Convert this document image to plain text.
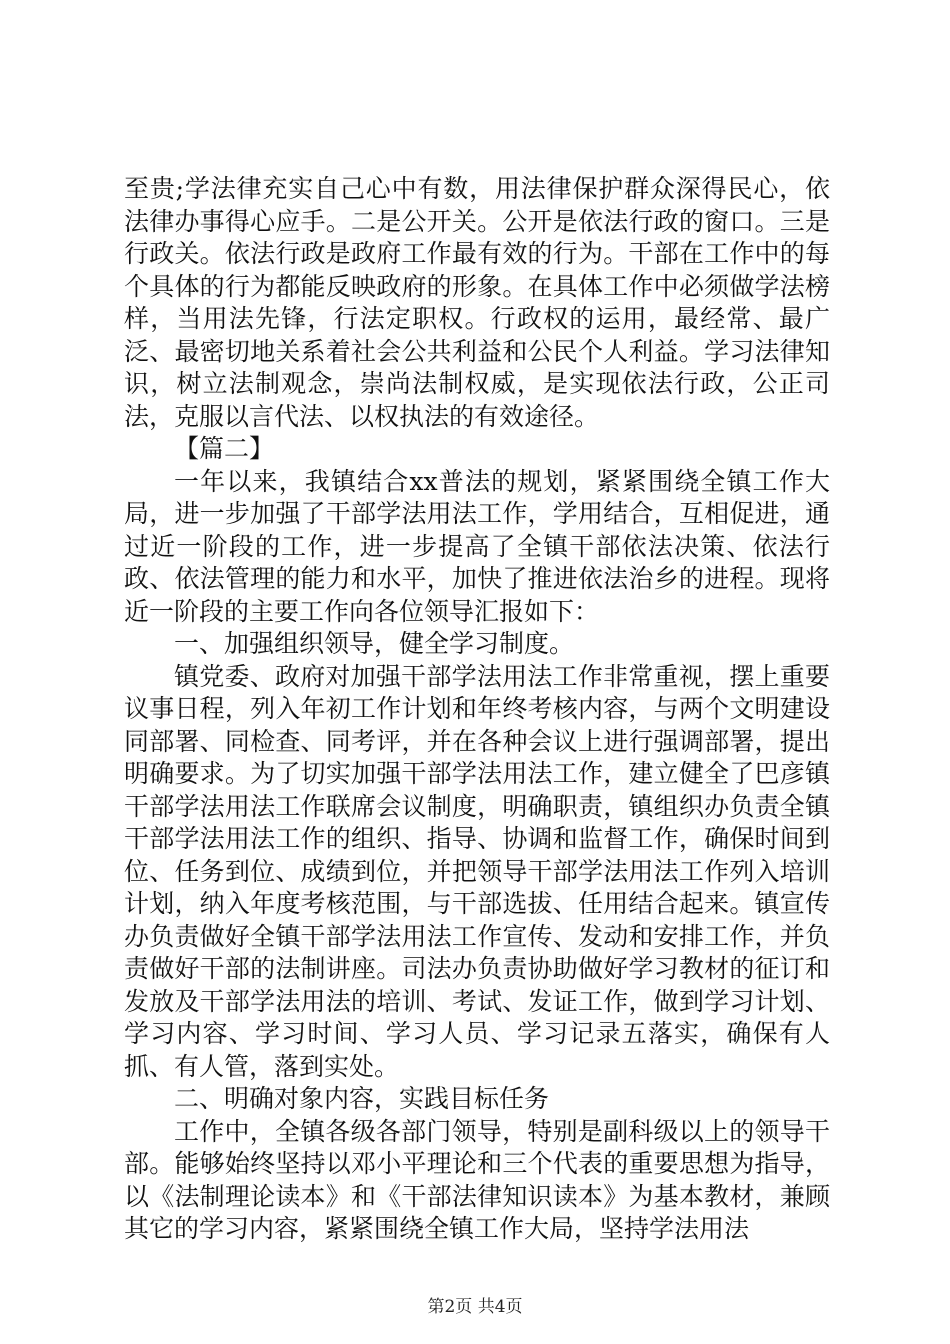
至贵;学法律充实自己心中有数，用法律保护群众深得民心，依法律办事得心应手。二是公开关。公开是依法行政的窗口。三是行政关。依法行政是政府工作最有效的行为。干部在工作中的每个具体的行为都能反映政府的形象。在具体工作中必须做学法榜样，当用法先锋，行法定职权。行政权的运用，最经常、最广泛、最密切地关系着社会公共利益和公民个人利益。学习法律知识，树立法制观念，崇尚法制权威，是实现依法行政，公正司法，克服以言代法、以权执法的有效途径。

【篇二】

一年以来，我镇结合xx普法的规划，紧紧围绕全镇工作大局，进一步加强了干部学法用法工作，学用结合，互相促进，通过近一阶段的工作，进一步提高了全镇干部依法决策、依法行政、依法管理的能力和水平，加快了推进依法治乡的进程。现将近一阶段的主要工作向各位领导汇报如下：

一、加强组织领导，健全学习制度。

镇党委、政府对加强干部学法用法工作非常重视，摆上重要议事日程，列入年初工作计划和年终考核内容，与两个文明建设同部署、同检查、同考评，并在各种会议上进行强调部署，提出明确要求。为了切实加强干部学法用法工作，建立健全了巴彦镇干部学法用法工作联席会议制度，明确职责，镇组织办负责全镇干部学法用法工作的组织、指导、协调和监督工作，确保时间到位、任务到位、成绩到位，并把领导干部学法用法工作列入培训计划，纳入年度考核范围，与干部选拔、任用结合起来。镇宣传办负责做好全镇干部学法用法工作宣传、发动和安排工作，并负责做好干部的法制讲座。司法办负责协助做好学习教材的征订和发放及干部学法用法的培训、考试、发证工作，做到学习计划、学习内容、学习时间、学习人员、学习记录五落实，确保有人抓、有人管，落到实处。

二、明确对象内容，实践目标任务

工作中，全镇各级各部门领导，特别是副科级以上的领导干部。能够始终坚持以邓小平理论和三个代表的重要思想为指导，以《法制理论读本》和《干部法律知识读本》为基本教材，兼顾其它的学习内容，紧紧围绕全镇工作大局，坚持学法用法

第2页 共4页
